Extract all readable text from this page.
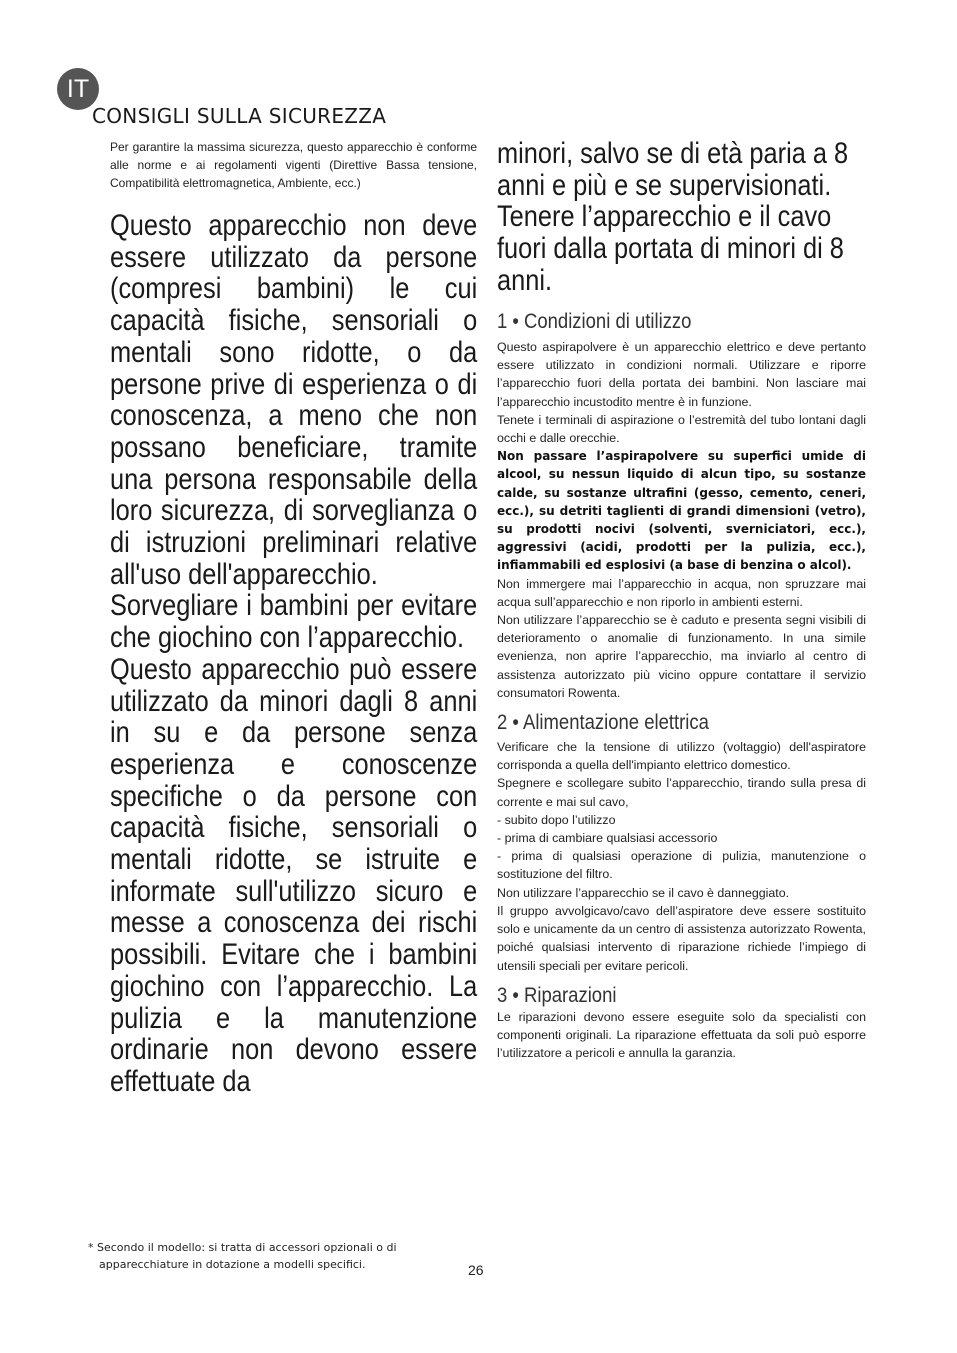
IT
CONSIGLI SULLA SICUREZZA
Per garantire la massima sicurezza, questo apparecchio è conforme alle norme e ai regolamenti vigenti (Direttive Bassa tensione, Compatibilità elettromagnetica, Ambiente, ecc.)

Questo apparecchio non deve essere utilizzato da persone (compresi bambini) le cui capacità fisiche, sensoriali o mentali sono ridotte, o da persone prive di esperienza o di conoscenza, a meno che non possano beneficiare, tramite una persona responsabile della loro sicurezza, di sorveglianza o di istruzioni preliminari relative all'uso dell'apparecchio.

Sorvegliare i bambini per evitare che giochino con l’apparecchio.

Questo apparecchio può essere utilizzato da minori dagli 8 anni in su e da persone senza esperienza e conoscenze specifiche o da persone con capacità fisiche, sensoriali o mentali ridotte, se istruite e informate sull'utilizzo sicuro e messe a conoscenza dei rischi possibili. Evitare che i bambini giochino con l’apparecchio. La pulizia e la manutenzione ordinarie non devono essere effettuate da

minori, salvo se di età paria a 8 anni e più e se supervisionati. Tenere l’apparecchio e il cavo fuori dalla portata di minori di 8 anni.

1 • Condizioni di utilizzo

Questo aspirapolvere è un apparecchio elettrico e deve pertanto essere utilizzato in condizioni normali. Utilizzare e riporre l’apparecchio fuori della portata dei bambini. Non lasciare mai l’apparecchio incustodito mentre è in funzione.

Tenete i terminali di aspirazione o l’estremità del tubo lontani dagli occhi e dalle orecchie.

Non passare l’aspirapolvere su superfici umide di alcool, su nessun liquido di alcun tipo, su sostanze calde, su sostanze ultrafini (gesso, cemento, ceneri, ecc.), su detriti taglienti di grandi dimensioni (vetro), su prodotti nocivi (solventi, sverniciatori, ecc.), aggressivi (acidi, prodotti per la pulizia, ecc.), infiammabili ed esplosivi (a base di benzina o alcol).

Non immergere mai l’apparecchio in acqua, non spruzzare mai acqua sull’apparecchio e non riporlo in ambienti esterni.

Non utilizzare l’apparecchio se è caduto e presenta segni visibili di deterioramento o anomalie di funzionamento. In una simile evenienza, non aprire l’apparecchio, ma inviarlo al centro di assistenza autorizzato più vicino oppure contattare il servizio consumatori Rowenta.

2 • Alimentazione elettrica

Verificare che la tensione di utilizzo (voltaggio) dell'aspiratore corrisponda a quella dell'impianto elettrico domestico.

Spegnere e scollegare subito l’apparecchio, tirando sulla presa di corrente e mai sul cavo,

- subito dopo l’utilizzo

- prima di cambiare qualsiasi accessorio

- prima di qualsiasi operazione di pulizia, manutenzione o sostituzione del filtro.

Non utilizzare l’apparecchio se il cavo è danneggiato.

Il gruppo avvolgicavo/cavo dell’aspiratore deve essere sostituito solo e unicamente da un centro di assistenza autorizzato Rowenta, poiché qualsiasi intervento di riparazione richiede l’impiego di utensili speciali per evitare pericoli.

3 • Riparazioni

Le riparazioni devono essere eseguite solo da specialisti con componenti originali. La riparazione effettuata da soli può esporre l’utilizzatore a pericoli e annulla la garanzia.

* Secondo il modello: si tratta di accessori opzionali o di
apparecchiature in dotazione a modelli specifici.	26
